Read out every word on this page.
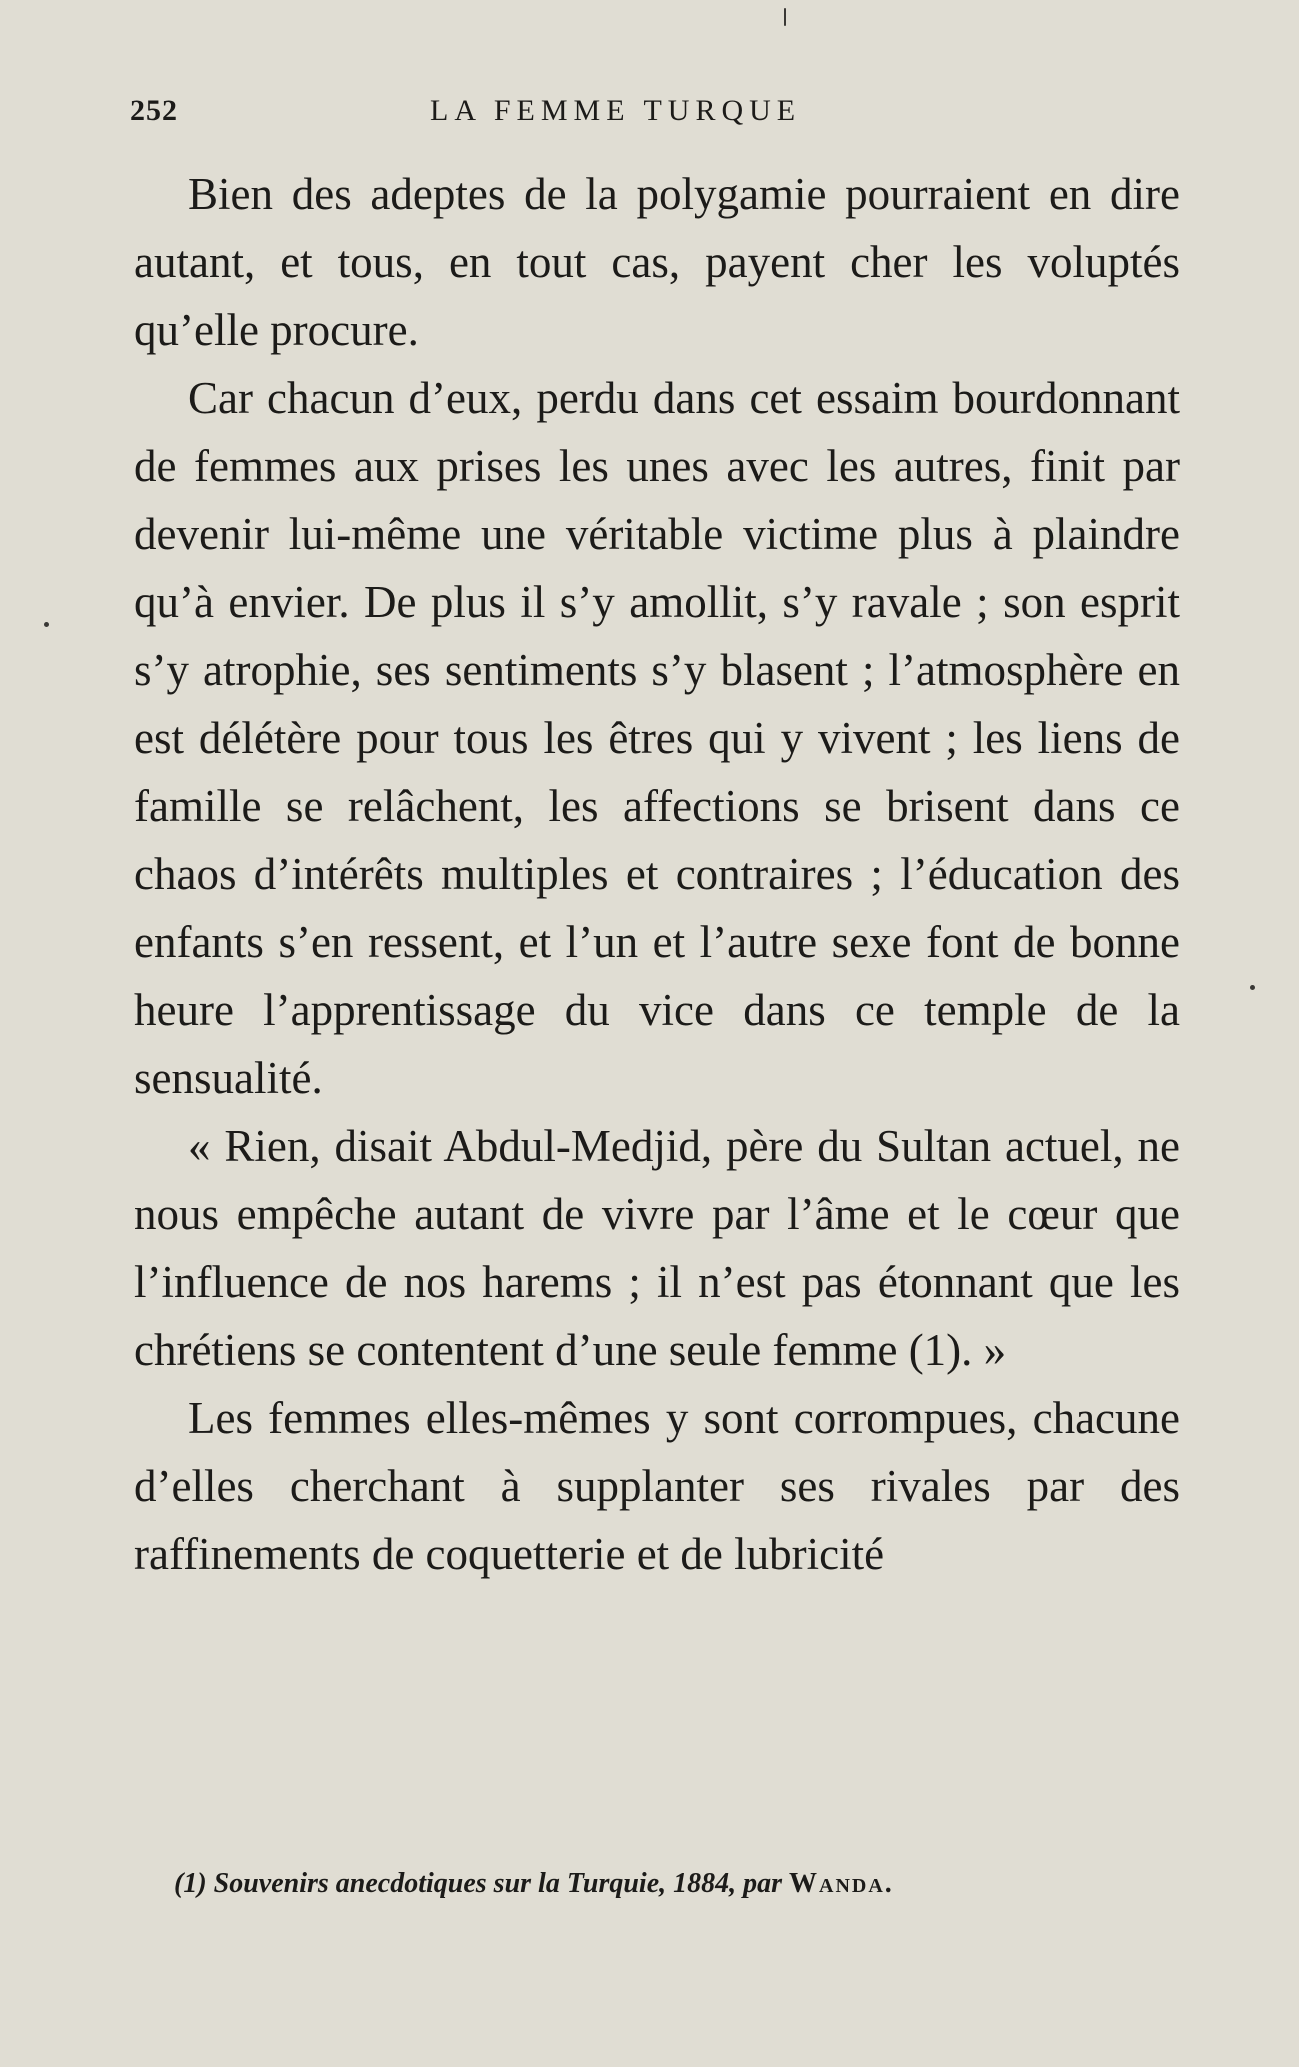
252	LA FEMME TURQUE

Bien des adeptes de la polygamie pourraient en dire autant, et tous, en tout cas, payent cher les voluptés qu’elle procure.

Car chacun d’eux, perdu dans cet essaim bourdonnant de femmes aux prises les unes avec les autres, finit par devenir lui-même une véritable victime plus à plaindre qu’à envier. De plus il s’y amollit, s’y ravale ; son esprit s’y atrophie, ses sentiments s’y blasent ; l’atmosphère en est délétère pour tous les êtres qui y vivent ; les liens de famille se relâchent, les affections se brisent dans ce chaos d’intérêts multiples et contraires ; l’éducation des enfants s’en ressent, et l’un et l’autre sexe font de bonne heure l’apprentissage du vice dans ce temple de la sensualité.

« Rien, disait Abdul-Medjid, père du Sultan actuel, ne nous empêche autant de vivre par l’âme et le cœur que l’influence de nos harems ; il n’est pas étonnant que les chrétiens se contentent d’une seule femme (1). »

Les femmes elles-mêmes y sont corrompues, chacune d’elles cherchant à supplanter ses rivales par des raffinements de coquetterie et de lubricité

(1) Souvenirs anecdotiques sur la Turquie, 1884, par Wanda.
